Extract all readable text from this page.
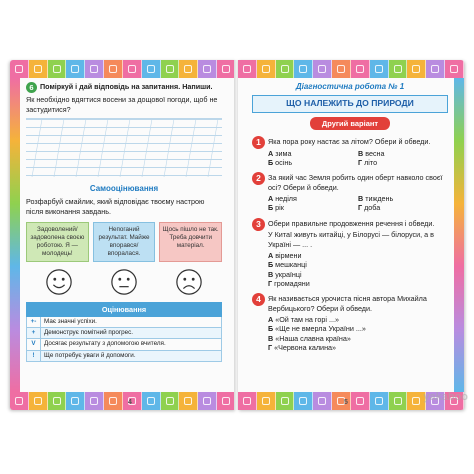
6 Поміркуй і дай відповідь на запитання. Напиши.
Як необхідно вдягтися восени за дощової погоди, щоб не застудитися?
Самооцінювання
Розфарбуй смайлик, який відповідає твоєму настрою після виконання завдань.
Задоволений/ задоволена своєю роботою. Я — молодець!
Непоганий результат. Майже впорався/ впоралася.
Щось пішло не так. Треба довчити матеріал.
Оцінювання	
+-	Має значні успіхи.
+	Демонструє помітний прогрес.
V	Досягає результату з допомогою вчителя.
!	Ще потребує уваги й допомоги.
4
Діагностична робота № 1
ЩО НАЛЕЖИТЬ ДО ПРИРОДИ
Другий варіант
1 Яка пора року настає за літом? Обери й обведи.
А зима	В весна
Б осінь	Г літо
2 За який час Земля робить один оберт навколо своєї осі? Обери й обведи.
А неділя	В тиждень
Б рік	Г доба
3 Обери правильне продовження речення і обведи.
У Китаї живуть китайці, у Білорусі — білоруси, а в Україні — ... .
А вірмени
Б мешканці
В українці
Г громадяни
4 Як називається урочиста пісня автора Михайла Вербицького? Обери й обведи.
А «Ой там на горі ...»
Б «Ще не вмерла України ...»
В «Наша славна країна»
Г «Червона калина»
5	yakaboo
